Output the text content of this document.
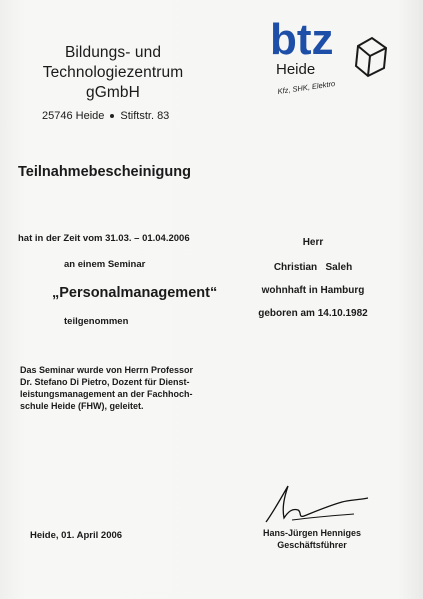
Bildungs- und
Technologiezentrum
gGmbH
25746 Heide Stiftstr. 83
btz
Heide
Kfz, SHK, Elektro
Teilnahmebescheinigung
hat in der Zeit vom 31.03. – 01.04.2006
an einem Seminar
„Personalmanagement“
teilgenommen
Herr
Christian Saleh
wohnhaft in Hamburg
geboren am 14.10.1982
Das Seminar wurde von Herrn Professor
Dr. Stefano Di Pietro, Dozent für Dienst-
leistungsmanagement an der Fachhoch-
schule Heide (FHW), geleitet.
Heide, 01. April 2006	Hans-Jürgen Henniges
Geschäftsführer
